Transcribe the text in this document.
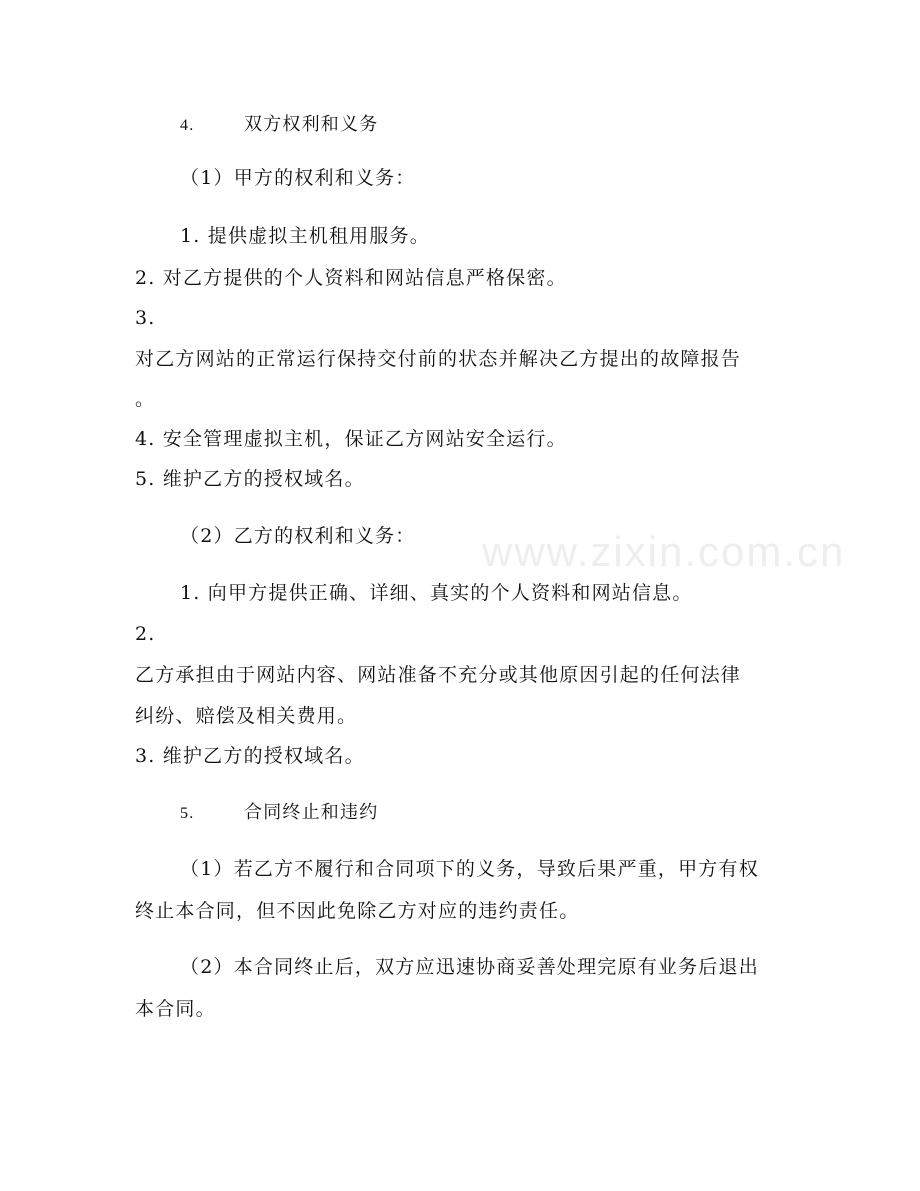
4.	双方权利和义务
（1）甲方的权利和义务：
1. 提供虚拟主机租用服务。
2. 对乙方提供的个人资料和网站信息严格保密。
3.
对乙方网站的正常运行保持交付前的状态并解决乙方提出的故障报告
。
4. 安全管理虚拟主机，保证乙方网站安全运行。
5. 维护乙方的授权域名。
（2）乙方的权利和义务：
1. 向甲方提供正确、详细、真实的个人资料和网站信息。
2.
乙方承担由于网站内容、网站准备不充分或其他原因引起的任何法律
纠纷、赔偿及相关费用。
3. 维护乙方的授权域名。
5.	合同终止和违约
（1）若乙方不履行和合同项下的义务，导致后果严重，甲方有权
终止本合同，但不因此免除乙方对应的违约责任。
（2）本合同终止后，双方应迅速协商妥善处理完原有业务后退出
本合同。
www.zixin.com.cn
